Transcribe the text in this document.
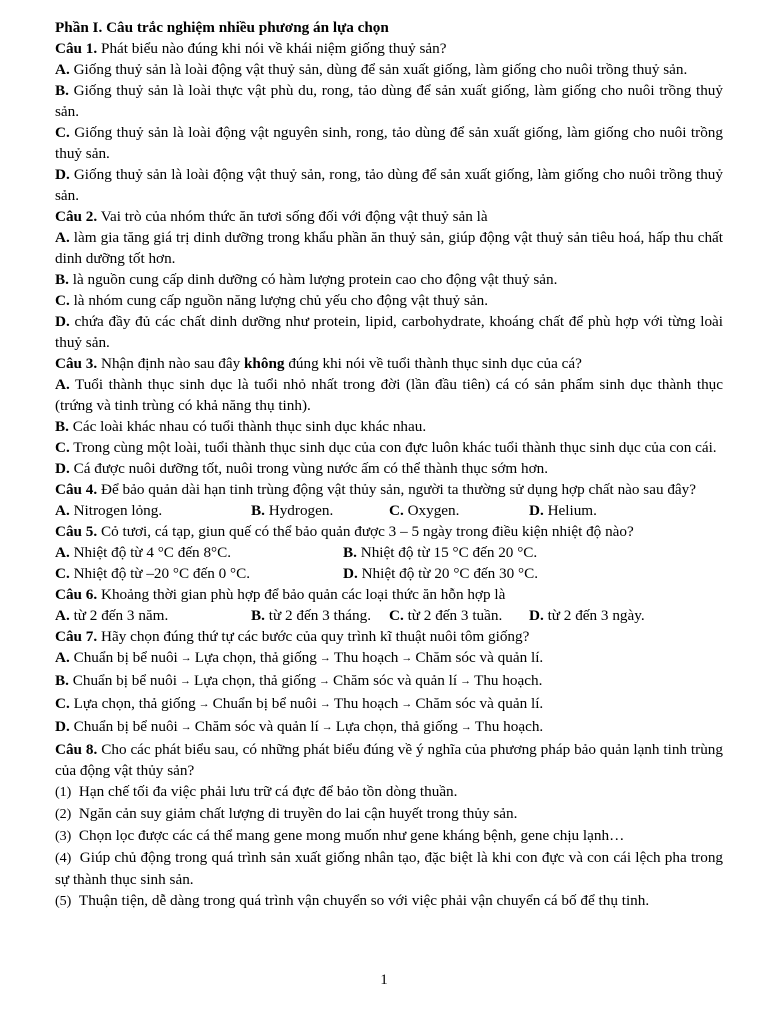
Phần I. Câu trắc nghiệm nhiều phương án lựa chọn
Câu 1. Phát biểu nào đúng khi nói về khái niệm giống thuỷ sản?
A. Giống thuỷ sản là loài động vật thuỷ sản, dùng để sản xuất giống, làm giống cho nuôi trồng thuỷ sản.
B. Giống thuỷ sản là loài thực vật phù du, rong, tảo dùng để sản xuất giống, làm giống cho nuôi trồng thuỷ sản.
C. Giống thuỷ sản là loài động vật nguyên sinh, rong, tảo dùng để sản xuất giống, làm giống cho nuôi trồng thuỷ sản.
D. Giống thuỷ sản là loài động vật thuỷ sản, rong, tảo dùng để sản xuất giống, làm giống cho nuôi trồng thuỷ sản.
Câu 2. Vai trò của nhóm thức ăn tươi sống đối với động vật thuỷ sản là
A. làm gia tăng giá trị dinh dưỡng trong khẩu phần ăn thuỷ sản, giúp động vật thuỷ sản tiêu hoá, hấp thu chất dinh dưỡng tốt hơn.
B. là nguồn cung cấp dinh dưỡng có hàm lượng protein cao cho động vật thuỷ sản.
C. là nhóm cung cấp nguồn năng lượng chủ yếu cho động vật thuỷ sản.
D. chứa đầy đủ các chất dinh dưỡng như protein, lipid, carbohydrate, khoáng chất để phù hợp với từng loài thuỷ sản.
Câu 3. Nhận định nào sau đây không đúng khi nói về tuổi thành thục sinh dục của cá?
A. Tuổi thành thục sinh dục là tuổi nhỏ nhất trong đời (lần đầu tiên) cá có sản phẩm sinh dục thành thục (trứng và tinh trùng có khả năng thụ tinh).
B. Các loài khác nhau có tuổi thành thục sinh dục khác nhau.
C. Trong cùng một loài, tuổi thành thục sinh dục của con đực luôn khác tuổi thành thục sinh dục của con cái.
D. Cá được nuôi dưỡng tốt, nuôi trong vùng nước ấm có thể thành thục sớm hơn.
Câu 4. Để bảo quản dài hạn tinh trùng động vật thủy sản, người ta thường sử dụng hợp chất nào sau đây?
A. Nitrogen lỏng.	B. Hydrogen.	C. Oxygen.	D. Helium.
Câu 5. Cỏ tươi, cá tạp, giun quế có thể bảo quản được 3 – 5 ngày trong điều kiện nhiệt độ nào?
A. Nhiệt độ từ 4 °C đến 8°C.	B. Nhiệt độ từ 15 °C đến 20 °C.
C. Nhiệt độ từ –20 °C đến 0 °C.	D. Nhiệt độ từ 20 °C đến 30 °C.
Câu 6. Khoảng thời gian phù hợp để bảo quản các loại thức ăn hỗn hợp là
A. từ 2 đến 3 năm.	B. từ 2 đến 3 tháng.	C. từ 2 đến 3 tuần.	D. từ 2 đến 3 ngày.
Câu 7. Hãy chọn đúng thứ tự các bước của quy trình kĩ thuật nuôi tôm giống?
A. Chuẩn bị bể nuôi → Lựa chọn, thả giống → Thu hoạch → Chăm sóc và quản lí.
B. Chuẩn bị bể nuôi → Lựa chọn, thả giống → Chăm sóc và quản lí → Thu hoạch.
C. Lựa chọn, thả giống → Chuẩn bị bể nuôi → Thu hoạch → Chăm sóc và quản lí.
D. Chuẩn bị bể nuôi → Chăm sóc và quản lí → Lựa chọn, thả giống → Thu hoạch.
Câu 8. Cho các phát biểu sau, có những phát biểu đúng về ý nghĩa của phương pháp bảo quản lạnh tinh trùng của động vật thủy sản?
(1) Hạn chế tối đa việc phải lưu trữ cá đực để bảo tồn dòng thuần.
(2) Ngăn cản suy giảm chất lượng di truyền do lai cận huyết trong thủy sản.
(3) Chọn lọc được các cá thể mang gene mong muốn như gene kháng bệnh, gene chịu lạnh…
(4) Giúp chủ động trong quá trình sản xuất giống nhân tạo, đặc biệt là khi con đực và con cái lệch pha trong sự thành thục sinh sản.
(5) Thuận tiện, dễ dàng trong quá trình vận chuyển so với việc phải vận chuyển cá bố để thụ tinh.
1
